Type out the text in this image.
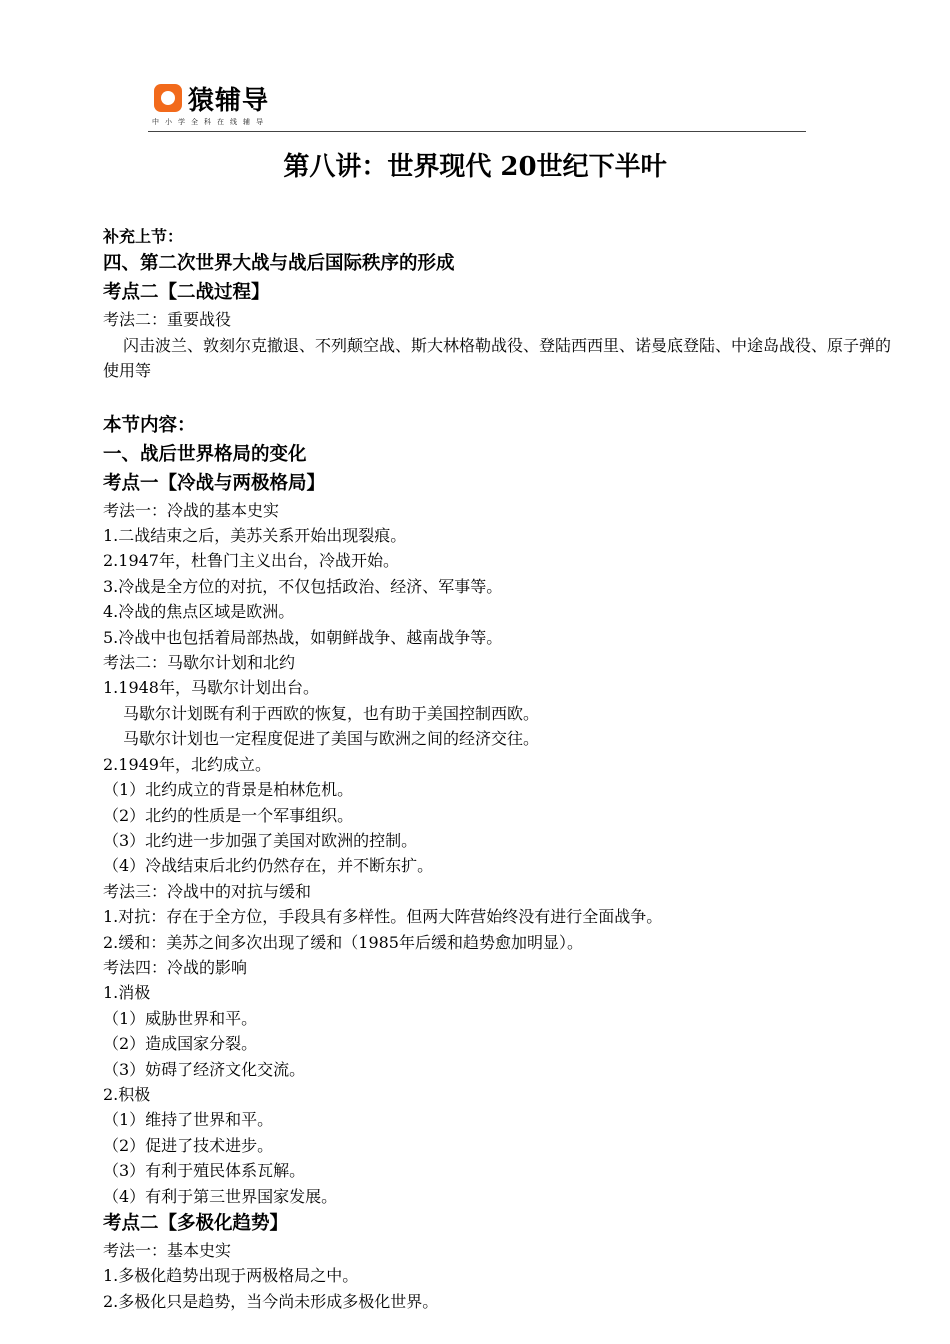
猿辅导
中小学全科在线辅导
第八讲：世界现代 20世纪下半叶
补充上节：
四、第二次世界大战与战后国际秩序的形成
考点二【二战过程】
考法二：重要战役
闪击波兰、敦刻尔克撤退、不列颠空战、斯大林格勒战役、登陆西西里、诺曼底登陆、中途岛战役、原子弹的使用等
本节内容：
一、战后世界格局的变化
考点一【冷战与两极格局】
考法一：冷战的基本史实
1.二战结束之后，美苏关系开始出现裂痕。
2.1947年，杜鲁门主义出台，冷战开始。
3.冷战是全方位的对抗，不仅包括政治、经济、军事等。
4.冷战的焦点区域是欧洲。
5.冷战中也包括着局部热战，如朝鲜战争、越南战争等。
考法二：马歇尔计划和北约
1.1948年，马歇尔计划出台。
马歇尔计划既有利于西欧的恢复，也有助于美国控制西欧。
马歇尔计划也一定程度促进了美国与欧洲之间的经济交往。
2.1949年，北约成立。
（1）北约成立的背景是柏林危机。
（2）北约的性质是一个军事组织。
（3）北约进一步加强了美国对欧洲的控制。
（4）冷战结束后北约仍然存在，并不断东扩。
考法三：冷战中的对抗与缓和
1.对抗：存在于全方位，手段具有多样性。但两大阵营始终没有进行全面战争。
2.缓和：美苏之间多次出现了缓和（1985年后缓和趋势愈加明显）。
考法四：冷战的影响
1.消极
（1）威胁世界和平。
（2）造成国家分裂。
（3）妨碍了经济文化交流。
2.积极
（1）维持了世界和平。
（2）促进了技术进步。
（3）有利于殖民体系瓦解。
（4）有利于第三世界国家发展。
考点二【多极化趋势】
考法一：基本史实
1.多极化趋势出现于两极格局之中。
2.多极化只是趋势，当今尚未形成多极化世界。
